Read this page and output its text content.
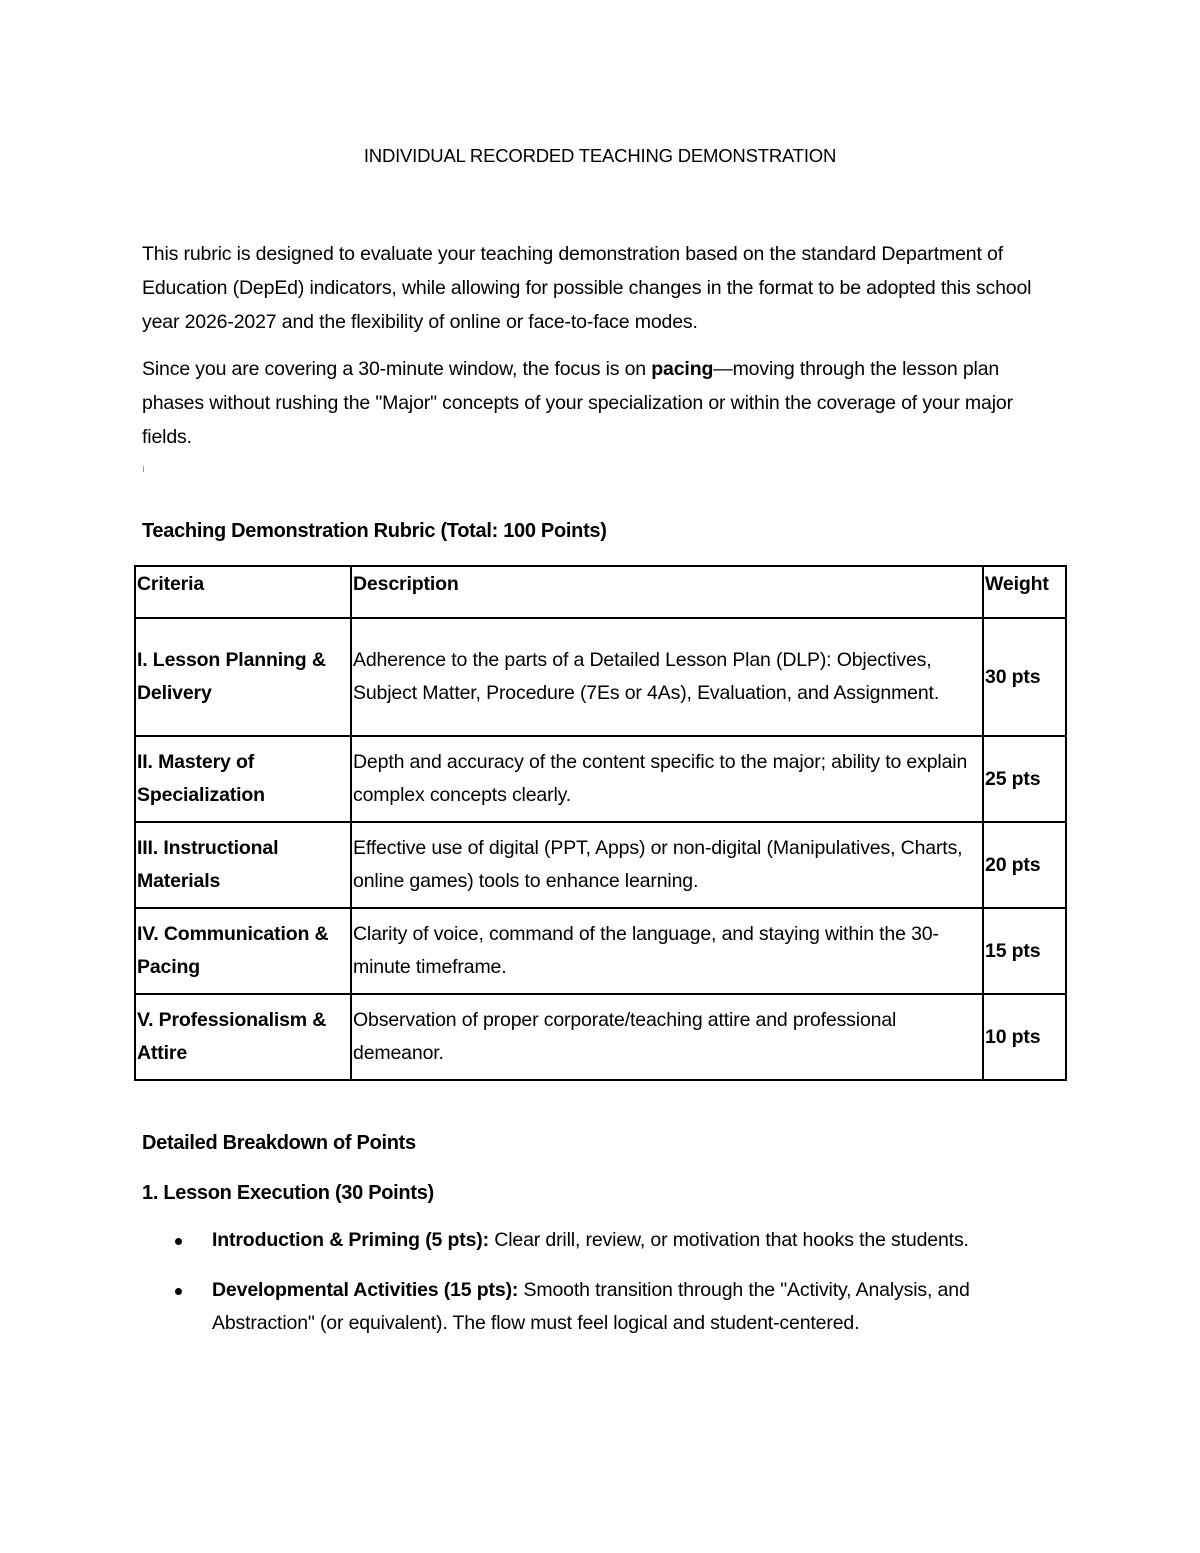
INDIVIDUAL RECORDED TEACHING DEMONSTRATION

This rubric is designed to evaluate your teaching demonstration based on the standard Department of Education (DepEd) indicators, while allowing for possible changes in the format to be adopted this school year 2026-2027 and the flexibility of online or face-to-face modes.

Since you are covering a 30-minute window, the focus is on pacing—moving through the lesson plan phases without rushing the "Major" concepts of your specialization or within the coverage of your major fields.

Teaching Demonstration Rubric (Total: 100 Points)
Criteria	Description	Weight
I. Lesson Planning & Delivery	Adherence to the parts of a Detailed Lesson Plan (DLP): Objectives, Subject Matter, Procedure (7Es or 4As), Evaluation, and Assignment.	30 pts
II. Mastery of Specialization	Depth and accuracy of the content specific to the major; ability to explain complex concepts clearly.	25 pts
III. Instructional Materials	Effective use of digital (PPT, Apps) or non-digital (Manipulatives, Charts, online games) tools to enhance learning.	20 pts
IV. Communication & Pacing	Clarity of voice, command of the language, and staying within the 30-minute timeframe.	15 pts
V. Professionalism & Attire	Observation of proper corporate/teaching attire and professional demeanor.	10 pts
Detailed Breakdown of Points
1. Lesson Execution (30 Points)
Introduction & Priming (5 pts): Clear drill, review, or motivation that hooks the students.
Developmental Activities (15 pts): Smooth transition through the "Activity, Analysis, and Abstraction" (or equivalent). The flow must feel logical and student-centered.
